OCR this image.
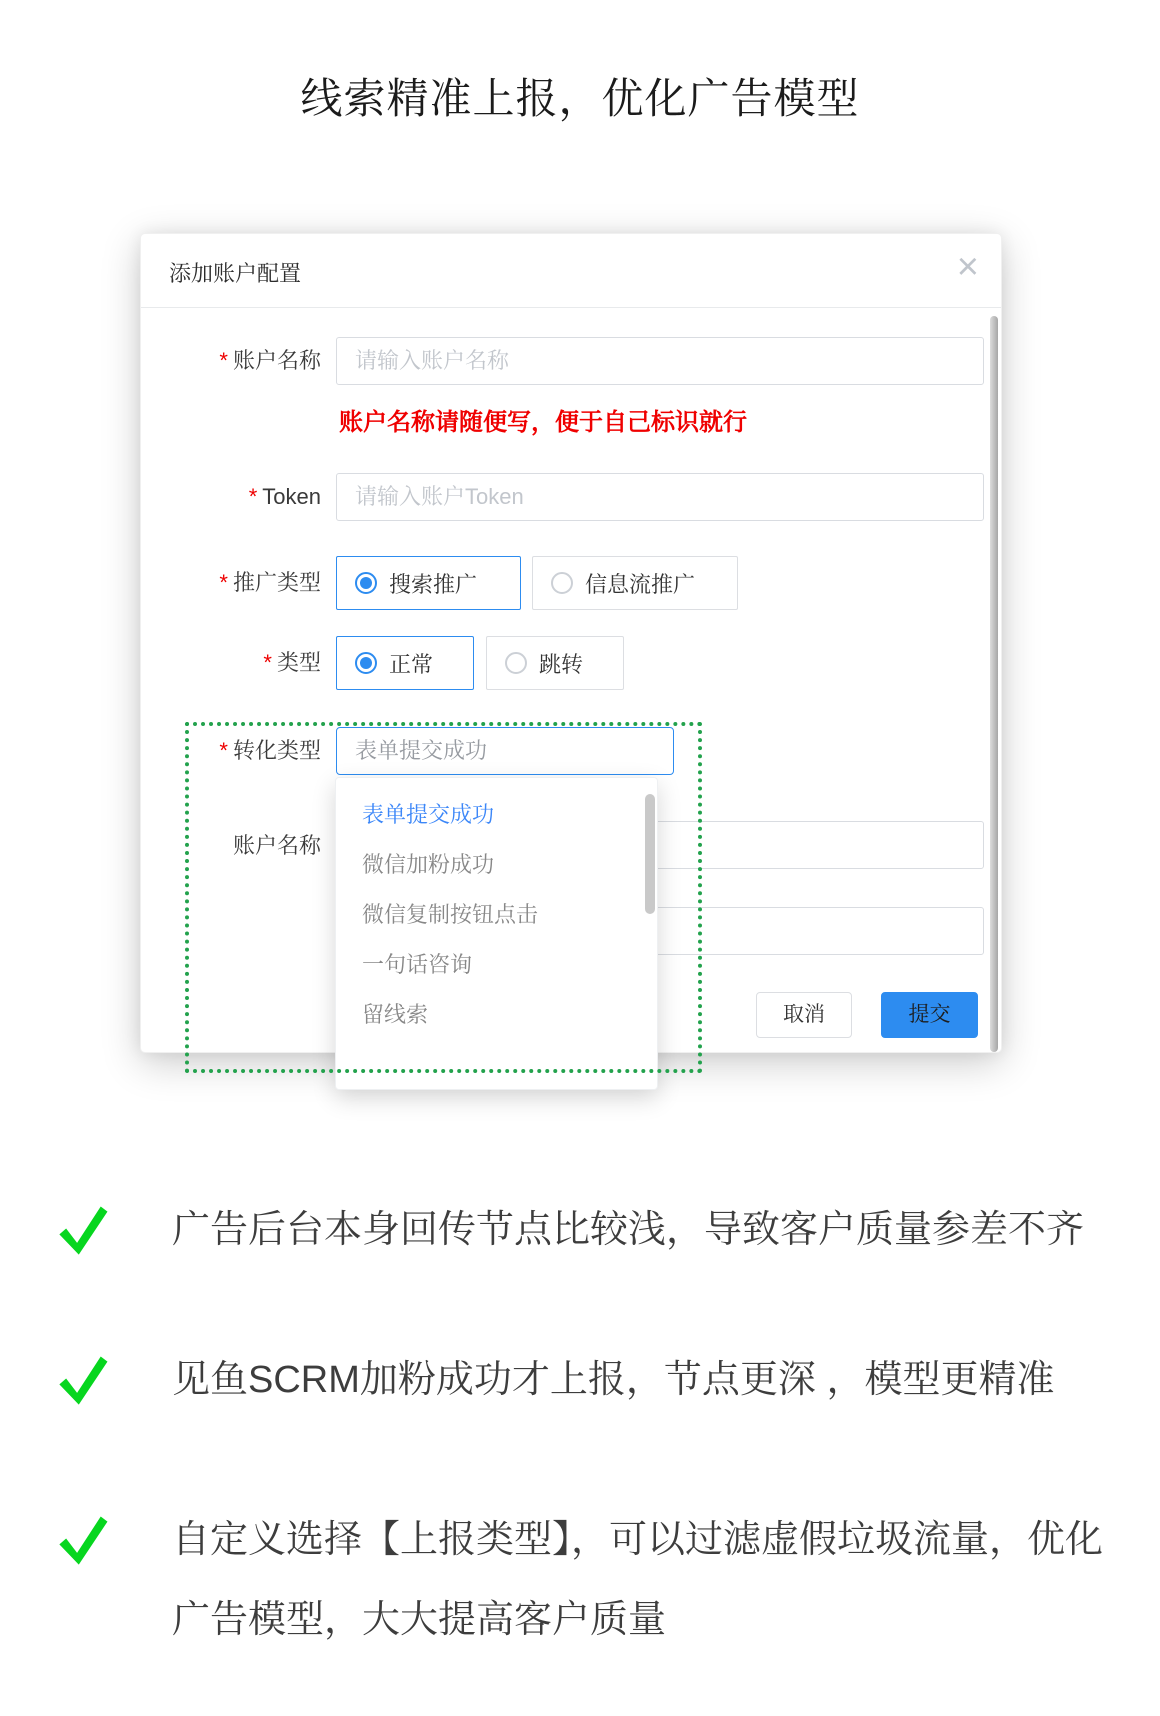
线索精准上报，优化广告模型
添加账户配置	×
* 账户名称
请输入账户名称
账户名称请随便写，便于自己标识就行
* Token
请输入账户Token
* 推广类型	搜索推广	信息流推广
* 类型	正常	跳转
* 转化类型	表单提交成功
账户名称
取消	提交
表单提交成功
微信加粉成功
微信复制按钮点击
一句话咨询
留线索
广告后台本身回传节点比较浅，导致客户质量参差不齐
见鱼SCRM加粉成功才上报，节点更深 ，模型更精准
自定义选择【上报类型】，可以过滤虚假垃圾流量，优化广告模型，大大提高客户质量
